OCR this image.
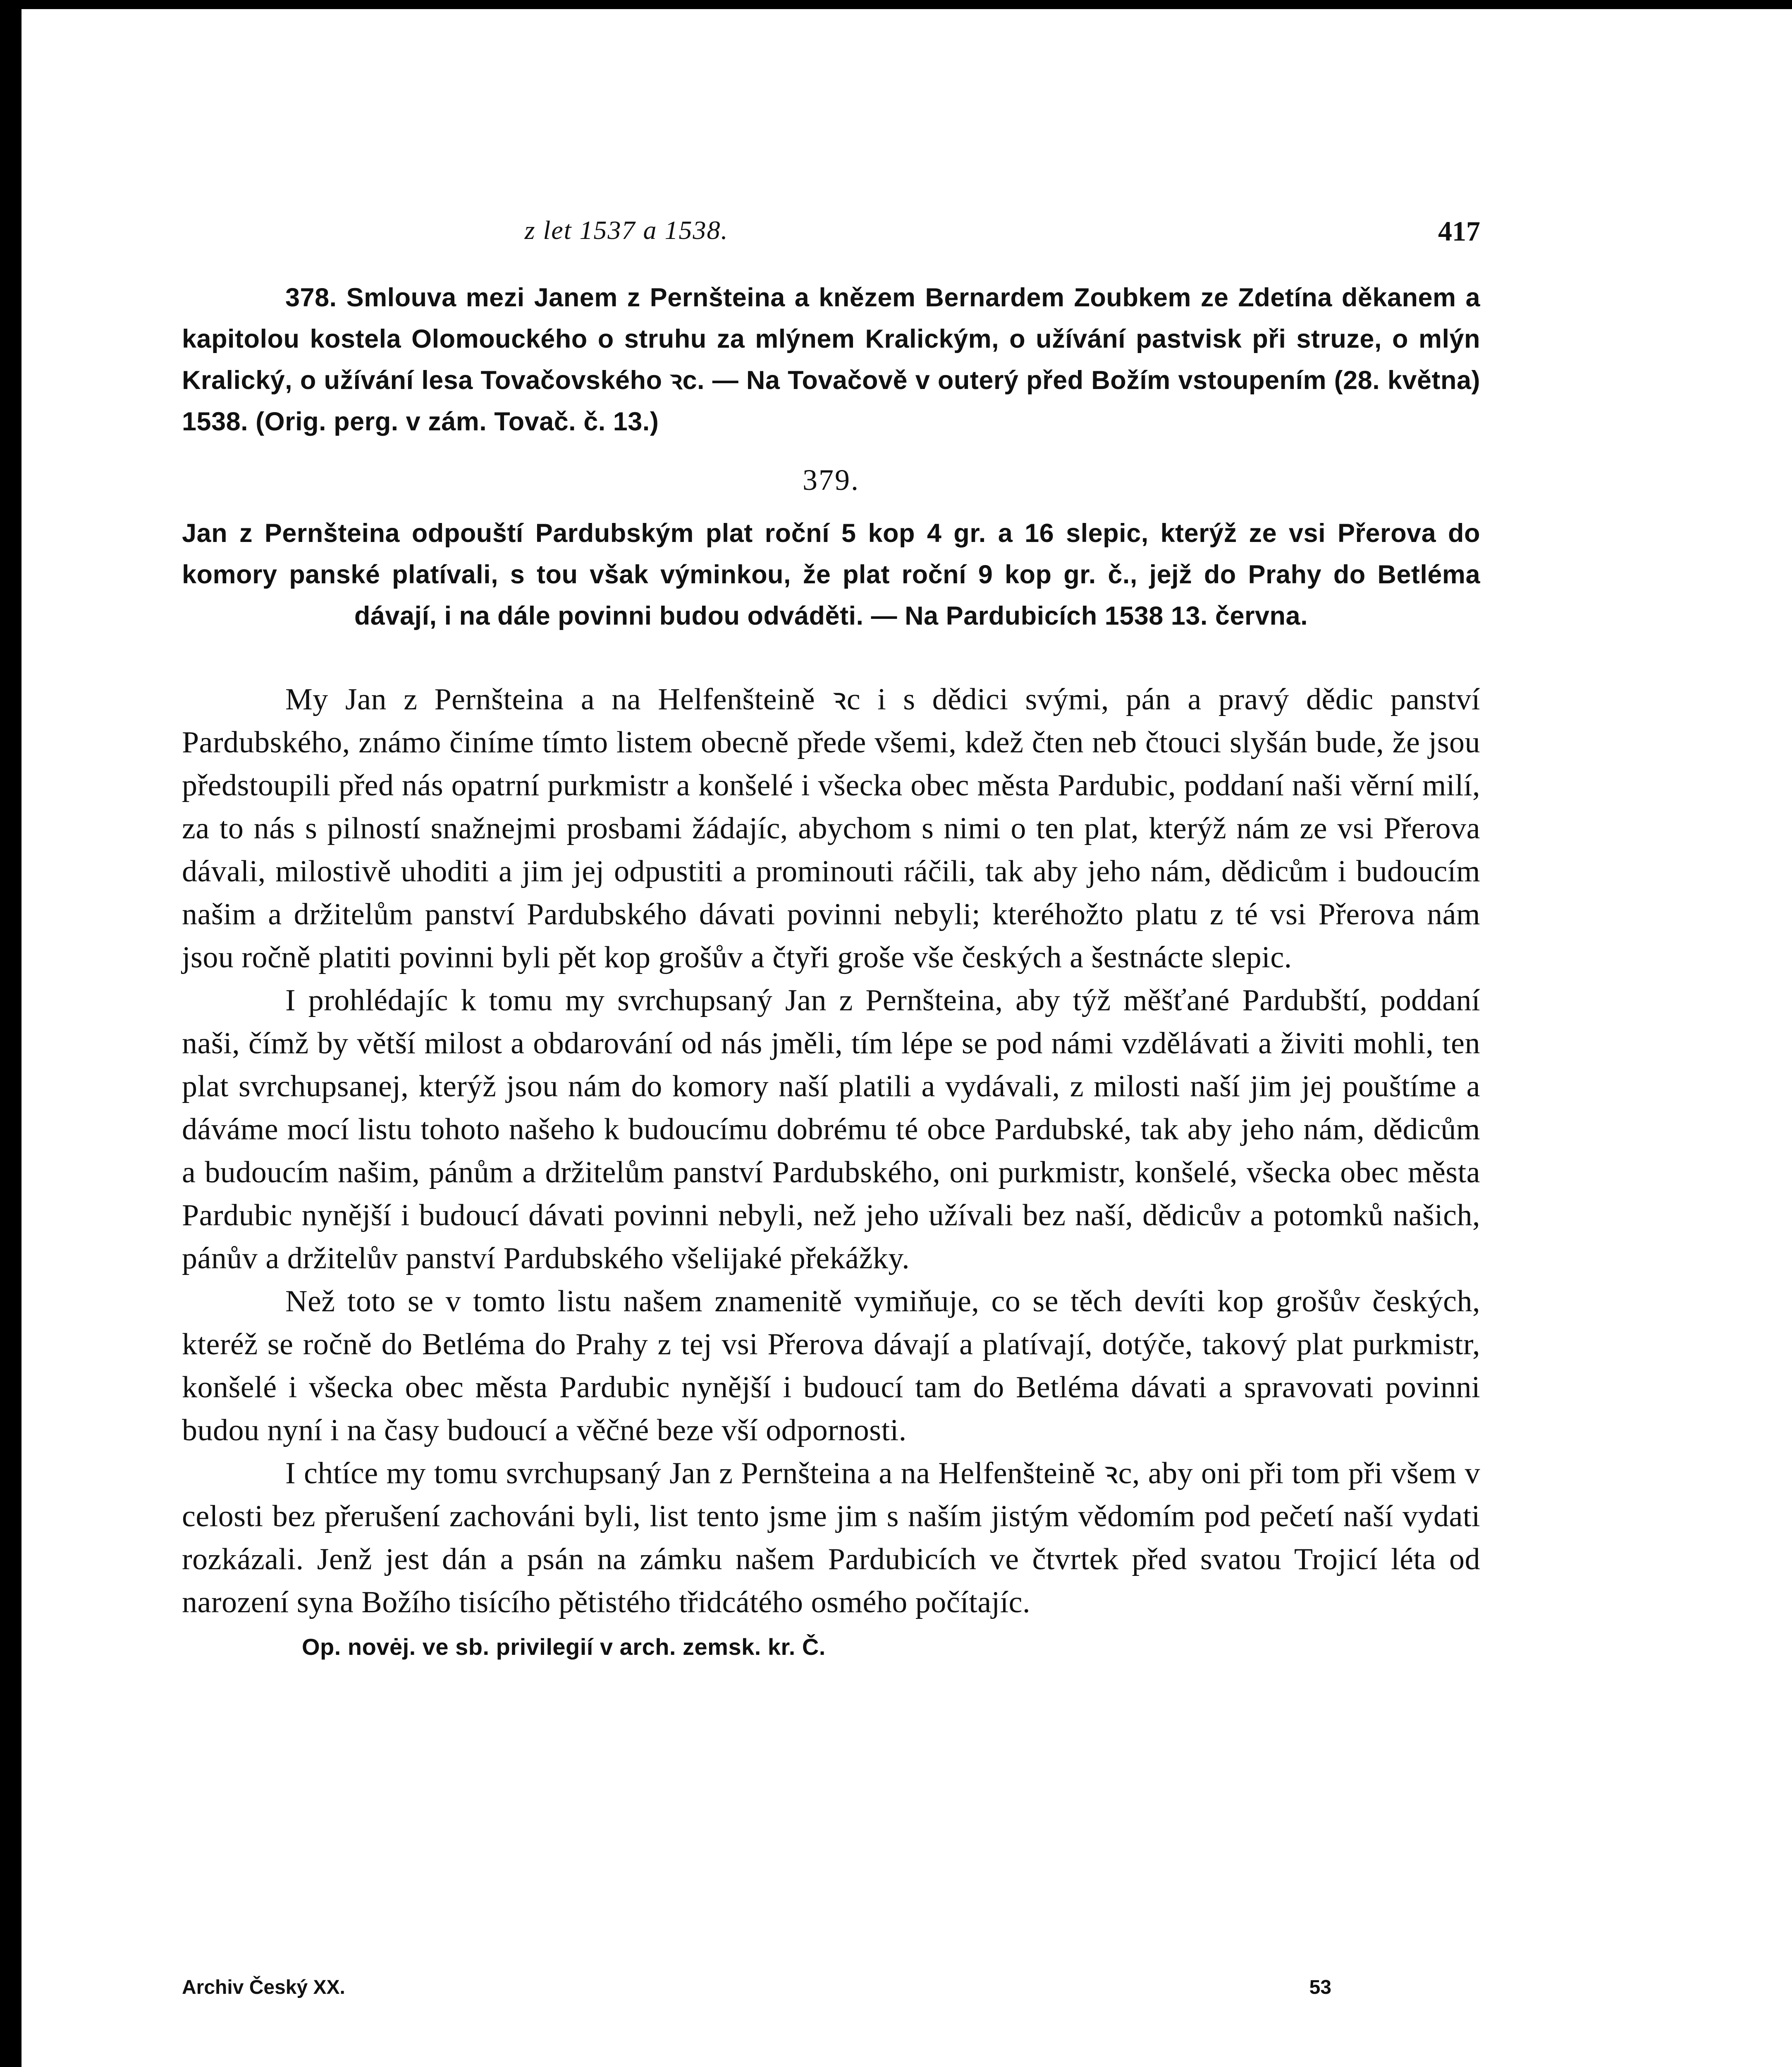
z let 1537 a 1538.	417
378. Smlouva mezi Janem z Pernšteina a knězem Bernardem Zoubkem ze Zdetína děkanem a kapitolou kostela Olomouckého o struhu za mlýnem Kralickým, o užívání pastvisk při struze, o mlýn Kralický, o užívání lesa Tovačovského ꝛc. — Na Tovačově v outerý před Božím vstoupením (28. května) 1538. (Orig. perg. v zám. Tovač. č. 13.)
379.
Jan z Pernšteina odpouští Pardubským plat roční 5 kop 4 gr. a 16 slepic, kterýž ze vsi Přerova do komory panské platívali, s tou však výminkou, že plat roční 9 kop gr. č., jejž do Prahy do Betléma dávají, i na dále povinni budou odváděti. — Na Pardubicích 1538 13. června.

My Jan z Pernšteina a na Helfenšteině ꝛc i s dědici svými, pán a pravý dědic panství Pardubského, známo činíme tímto listem obecně přede všemi, kdež čten neb čtouci slyšán bude, že jsou předstoupili před nás opatrní purkmistr a konšelé i všecka obec města Pardubic, poddaní naši věrní milí, za to nás s pilností snažnejmi prosbami žádajíc, abychom s nimi o ten plat, kterýž nám ze vsi Přerova dávali, milostivě uhoditi a jim jej odpustiti a prominouti ráčili, tak aby jeho nám, dědicům i budoucím našim a držitelům panství Pardubského dávati povinni nebyli; kteréhožto platu z té vsi Přerova nám jsou ročně platiti povinni byli pět kop grošův a čtyři groše vše českých a šestnácte slepic.

I prohlédajíc k tomu my svrchupsaný Jan z Pernšteina, aby týž měšťané Pardubští, poddaní naši, čímž by větší milost a obdarování od nás jměli, tím lépe se pod námi vzdělávati a živiti mohli, ten plat svrchupsanej, kterýž jsou nám do komory naší platili a vydávali, z milosti naší jim jej pouštíme a dáváme mocí listu tohoto našeho k budoucímu dobrému té obce Pardubské, tak aby jeho nám, dědicům a budoucím našim, pánům a držitelům panství Pardubského, oni purkmistr, konšelé, všecka obec města Pardubic nynější i budoucí dávati povinni nebyli, než jeho užívali bez naší, dědicův a potomků našich, pánův a držitelův panství Pardubského všelijaké překážky.

Než toto se v tomto listu našem znamenitě vymiňuje, co se těch devíti kop grošův českých, kteréž se ročně do Betléma do Prahy z tej vsi Přerova dávají a platívají, dotýče, takový plat purkmistr, konšelé i všecka obec města Pardubic nynější i budoucí tam do Betléma dávati a spravovati povinni budou nyní i na časy budoucí a věčné beze vší odpornosti.

I chtíce my tomu svrchupsaný Jan z Pernšteina a na Helfenšteině ꝛc, aby oni při tom při všem v celosti bez přerušení zachováni byli, list tento jsme jim s naším jistým vědomím pod pečetí naší vydati rozkázali. Jenž jest dán a psán na zámku našem Pardubicích ve čtvrtek před svatou Trojicí léta od narození syna Božího tisícího pětistého třidcátého osmého počítajíc.

Op. novėj. ve sb. privilegií v arch. zemsk. kr. Č.
Archiv Český XX.	53
